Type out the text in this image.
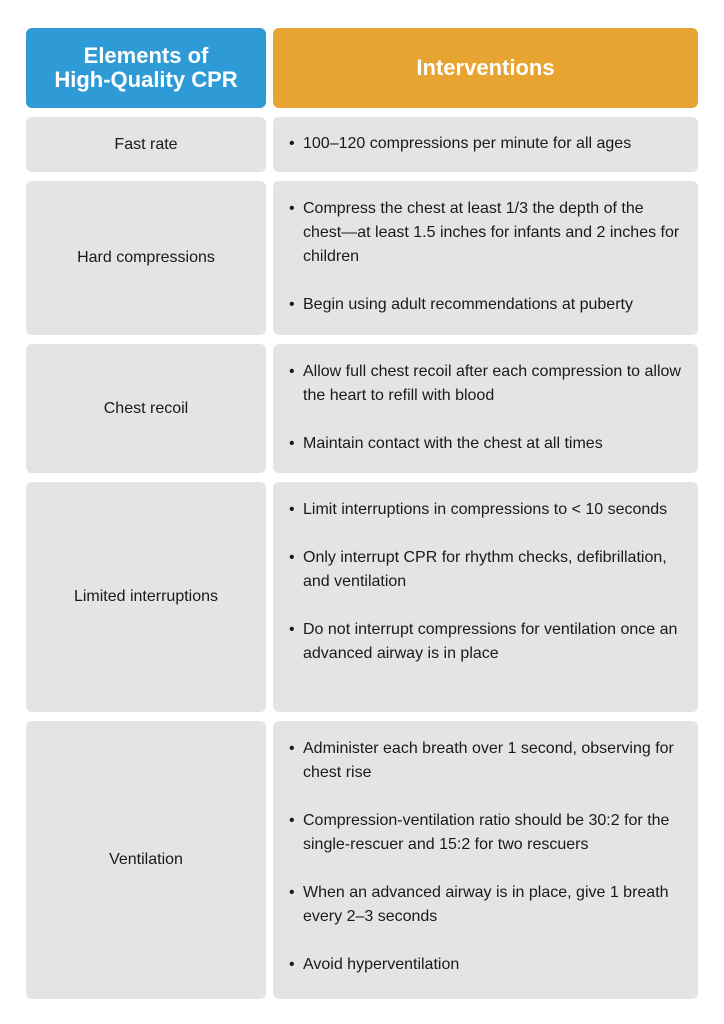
Elements of
High-Quality CPR	Interventions
Fast rate
•	100–120 compressions per minute for all ages
Hard compressions
• Compress the chest at least 1/3 the depth of the chest—at least 1.5 inches for infants and 2 inches for children
• Begin using adult recommendations at puberty
Chest recoil
• Allow full chest recoil after each compression to allow the heart to refill with blood
• Maintain contact with the chest at all times
Limited interruptions
• Limit interruptions in compressions to < 10 seconds
• Only interrupt CPR for rhythm checks, defibrillation, and ventilation
• Do not interrupt compressions for ventilation once an advanced airway is in place
Ventilation
• Administer each breath over 1 second, observing for chest rise
• Compression-ventilation ratio should be 30:2 for the single-rescuer and 15:2 for two rescuers
• When an advanced airway is in place, give 1 breath every 2–3 seconds
• Avoid hyperventilation
